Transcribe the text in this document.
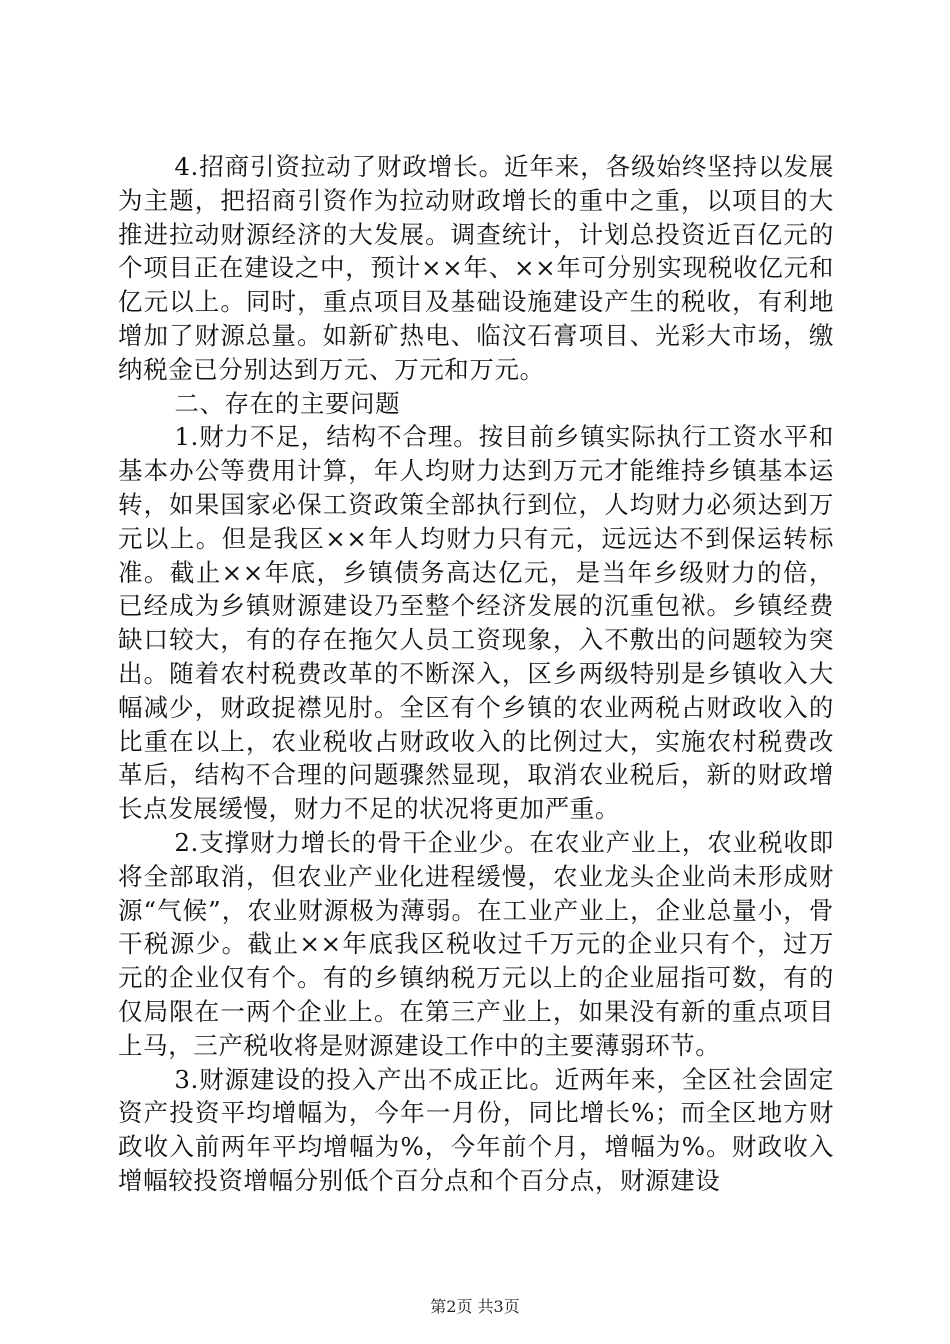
4.招商引资拉动了财政增长。近年来，各级始终坚持以发展为主题，把招商引资作为拉动财政增长的重中之重，以项目的大推进拉动财源经济的大发展。调查统计，计划总投资近百亿元的个项目正在建设之中，预计××年、××年可分别实现税收亿元和亿元以上。同时，重点项目及基础设施建设产生的税收，有利地增加了财源总量。如新矿热电、临汶石膏项目、光彩大市场，缴纳税金已分别达到万元、万元和万元。

二、存在的主要问题

1.财力不足，结构不合理。按目前乡镇实际执行工资水平和基本办公等费用计算，年人均财力达到万元才能维持乡镇基本运转，如果国家必保工资政策全部执行到位，人均财力必须达到万元以上。但是我区××年人均财力只有元，远远达不到保运转标准。截止××年底，乡镇债务高达亿元，是当年乡级财力的倍，已经成为乡镇财源建设乃至整个经济发展的沉重包袱。乡镇经费缺口较大，有的存在拖欠人员工资现象，入不敷出的问题较为突出。随着农村税费改革的不断深入，区乡两级特别是乡镇收入大幅减少，财政捉襟见肘。全区有个乡镇的农业两税占财政收入的比重在以上，农业税收占财政收入的比例过大，实施农村税费改革后，结构不合理的问题骤然显现，取消农业税后，新的财政增长点发展缓慢，财力不足的状况将更加严重。

2.支撑财力增长的骨干企业少。在农业产业上，农业税收即将全部取消，但农业产业化进程缓慢，农业龙头企业尚未形成财源“气候”，农业财源极为薄弱。在工业产业上，企业总量小，骨干税源少。截止××年底我区税收过千万元的企业只有个，过万元的企业仅有个。有的乡镇纳税万元以上的企业屈指可数，有的仅局限在一两个企业上。在第三产业上，如果没有新的重点项目上马，三产税收将是财源建设工作中的主要薄弱环节。

3.财源建设的投入产出不成正比。近两年来，全区社会固定资产投资平均增幅为，今年一月份，同比增长%；而全区地方财政收入前两年平均增幅为%，今年前个月，增幅为%。财政收入增幅较投资增幅分别低个百分点和个百分点，财源建设

第2页 共3页
